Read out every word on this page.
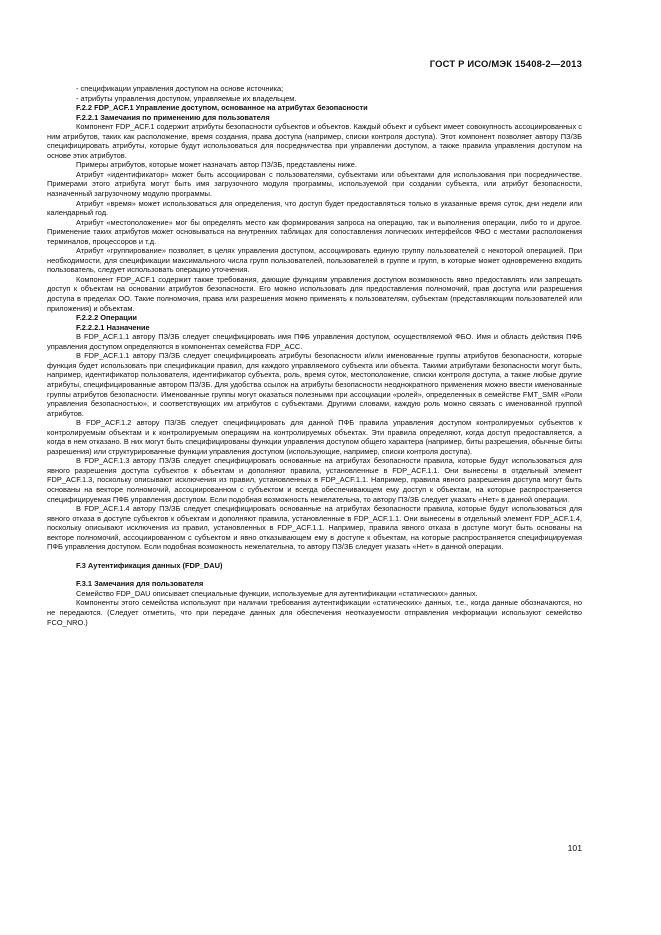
ГОСТ Р ИСО/МЭК 15408-2—2013

- спецификации управления доступом на основе источника;

- атрибуты управления доступом, управляемые их владельцем.

F.2.2 FDP_ACF.1 Управление доступом, основанное на атрибутах безопасности

F.2.2.1 Замечания по применению для пользователя

Компонент FDP_ACF.1 содержит атрибуты безопасности субъектов и объектов. Каждый объект и субъект имеет совокупность ассоциированных с ним атрибутов, таких как расположение, время создания, права доступа (например, списки контроля доступа). Этот компонент позволяет автору ПЗ/ЗБ специфицировать атрибуты, которые будут использоваться для посредничества при управлении доступом, а также правила управления доступом на основе этих атрибутов.

Примеры атрибутов, которые может назначать автор ПЗ/ЗБ, представлены ниже.

Атрибут «идентификатор» может быть ассоциирован с пользователями, субъектами или объектами для использования при посредничестве. Примерами этого атрибута могут быть имя загрузочного модуля программы, используемой при создании субъекта, или атрибут безопасности, назначенный загрузочному модулю программы.

Атрибут «время» может использоваться для определения, что доступ будет предоставляться только в указанные время суток, дни недели или календарный год.

Атрибут «местоположение» мог бы определять место как формирования запроса на операцию, так и выполнения операции, либо то и другое. Применение таких атрибутов может основываться на внутренних таблицах для сопоставления логических интерфейсов ФБО с местами расположения терминалов, процессоров и т.д.

Атрибут «группирование» позволяет, в целях управления доступом, ассоциировать единую группу пользователей с некоторой операцией. При необходимости, для спецификации максимального числа групп пользователей, пользователей в группе и групп, в которые может одновременно входить пользователь, следует использовать операцию уточнения.

Компонент FDP_ACF.1 содержит также требования, дающие функциям управления доступом возможность явно предоставлять или запрещать доступ к объектам на основании атрибутов безопасности. Его можно использовать для предоставления полномочий, прав доступа или разрешения доступа в пределах ОО. Такие полномочия, права или разрешения можно применять к пользователям, субъектам (представляющим пользователей или приложения) и объектам.

F.2.2.2 Операции

F.2.2.2.1 Назначение

В FDP_ACF.1.1 автору ПЗ/ЗБ следует специфицировать имя ПФБ управления доступом, осуществляемой ФБО. Имя и область действия ПФБ управления доступом определяются в компонентах семейства FDP_ACC.

В FDP_ACF.1.1 автору ПЗ/ЗБ следует специфицировать атрибуты безопасности и/или именованные группы атрибутов безопасности, которые функция будет использовать при спецификации правил, для каждого управляемого субъекта или объекта. Такими атрибутами безопасности могут быть, например, идентификатор пользователя, идентификатор субъекта, роль, время суток, местоположение, списки контроля доступа, а также любые другие атрибуты, специфицированные автором ПЗ/ЗБ. Для удобства ссылок на атрибуты безопасности неоднократного применения можно ввести именованные группы атрибутов безопасности. Именованные группы могут оказаться полезными при ассоциации «ролей», определенных в семействе FMT_SMR «Роли управления безопасностью», и соответствующих им атрибутов с субъектами. Другими словами, каждую роль можно связать с именованной группой атрибутов.

В FDP_ACF.1.2 автору ПЗ/ЗБ следует специфицировать для данной ПФБ правила управления доступом контролируемых субъектов к контролируемым объектам и к контролируемым операциям на контролируемых объектах. Эти правила определяют, когда доступ предоставляется, а когда в нем отказано. В них могут быть специфицированы функции управления доступом общего характера (например, биты разрешения, обычные биты разрешения) или структурированные функции управления доступом (использующие, например, списки контроля доступа).

В FDP_ACF.1.3 автору ПЗ/ЗБ следует специфицировать основанные на атрибутах безопасности правила, которые будут использоваться для явного разрешения доступа субъектов к объектам и дополняют правила, установленные в FDP_ACF.1.1. Они вынесены в отдельный элемент FDP_ACF.1.3, поскольку описывают исключения из правил, установленных в FDP_ACF.1.1. Например, правила явного разрешения доступа могут быть основаны на векторе полномочий, ассоциированном с субъектом и всегда обеспечивающем ему доступ к объектам, на которые распространяется специфицируемая ПФБ управления доступом. Если подобная возможность нежелательна, то автору ПЗ/ЗБ следует указать «Нет» в данной операции.

В FDP_ACF.1.4 автору ПЗ/ЗБ следует специфицировать основанные на атрибутах безопасности правила, которые будут использоваться для явного отказа в доступе субъектов к объектам и дополняют правила, установленные в FDP_ACF.1.1. Они вынесены в отдельный элемент FDP_ACF.1.4, поскольку описывают исключения из правил, установленных в FDP_ACF.1.1. Например, правила явного отказа в доступе могут быть основаны на векторе полномочий, ассоциированном с субъектом и явно отказывающем ему в доступе к объектам, на которые распространяется специфицируемая ПФБ управления доступом. Если подобная возможность нежелательна, то автору ПЗ/ЗБ следует указать «Нет» в данной операции.

F.3 Аутентификация данных (FDP_DAU)

F.3.1 Замечания для пользователя

Семейство FDP_DAU описывает специальные функции, используемые для аутентификации «статических» данных.

Компоненты этого семейства используют при наличии требования аутентификации «статических» данных, т.е., когда данные обозначаются, но не передаются. (Следует отметить, что при передаче данных для обеспечения неотказуемости отправления информации используют семейство FCO_NRO.)

101
